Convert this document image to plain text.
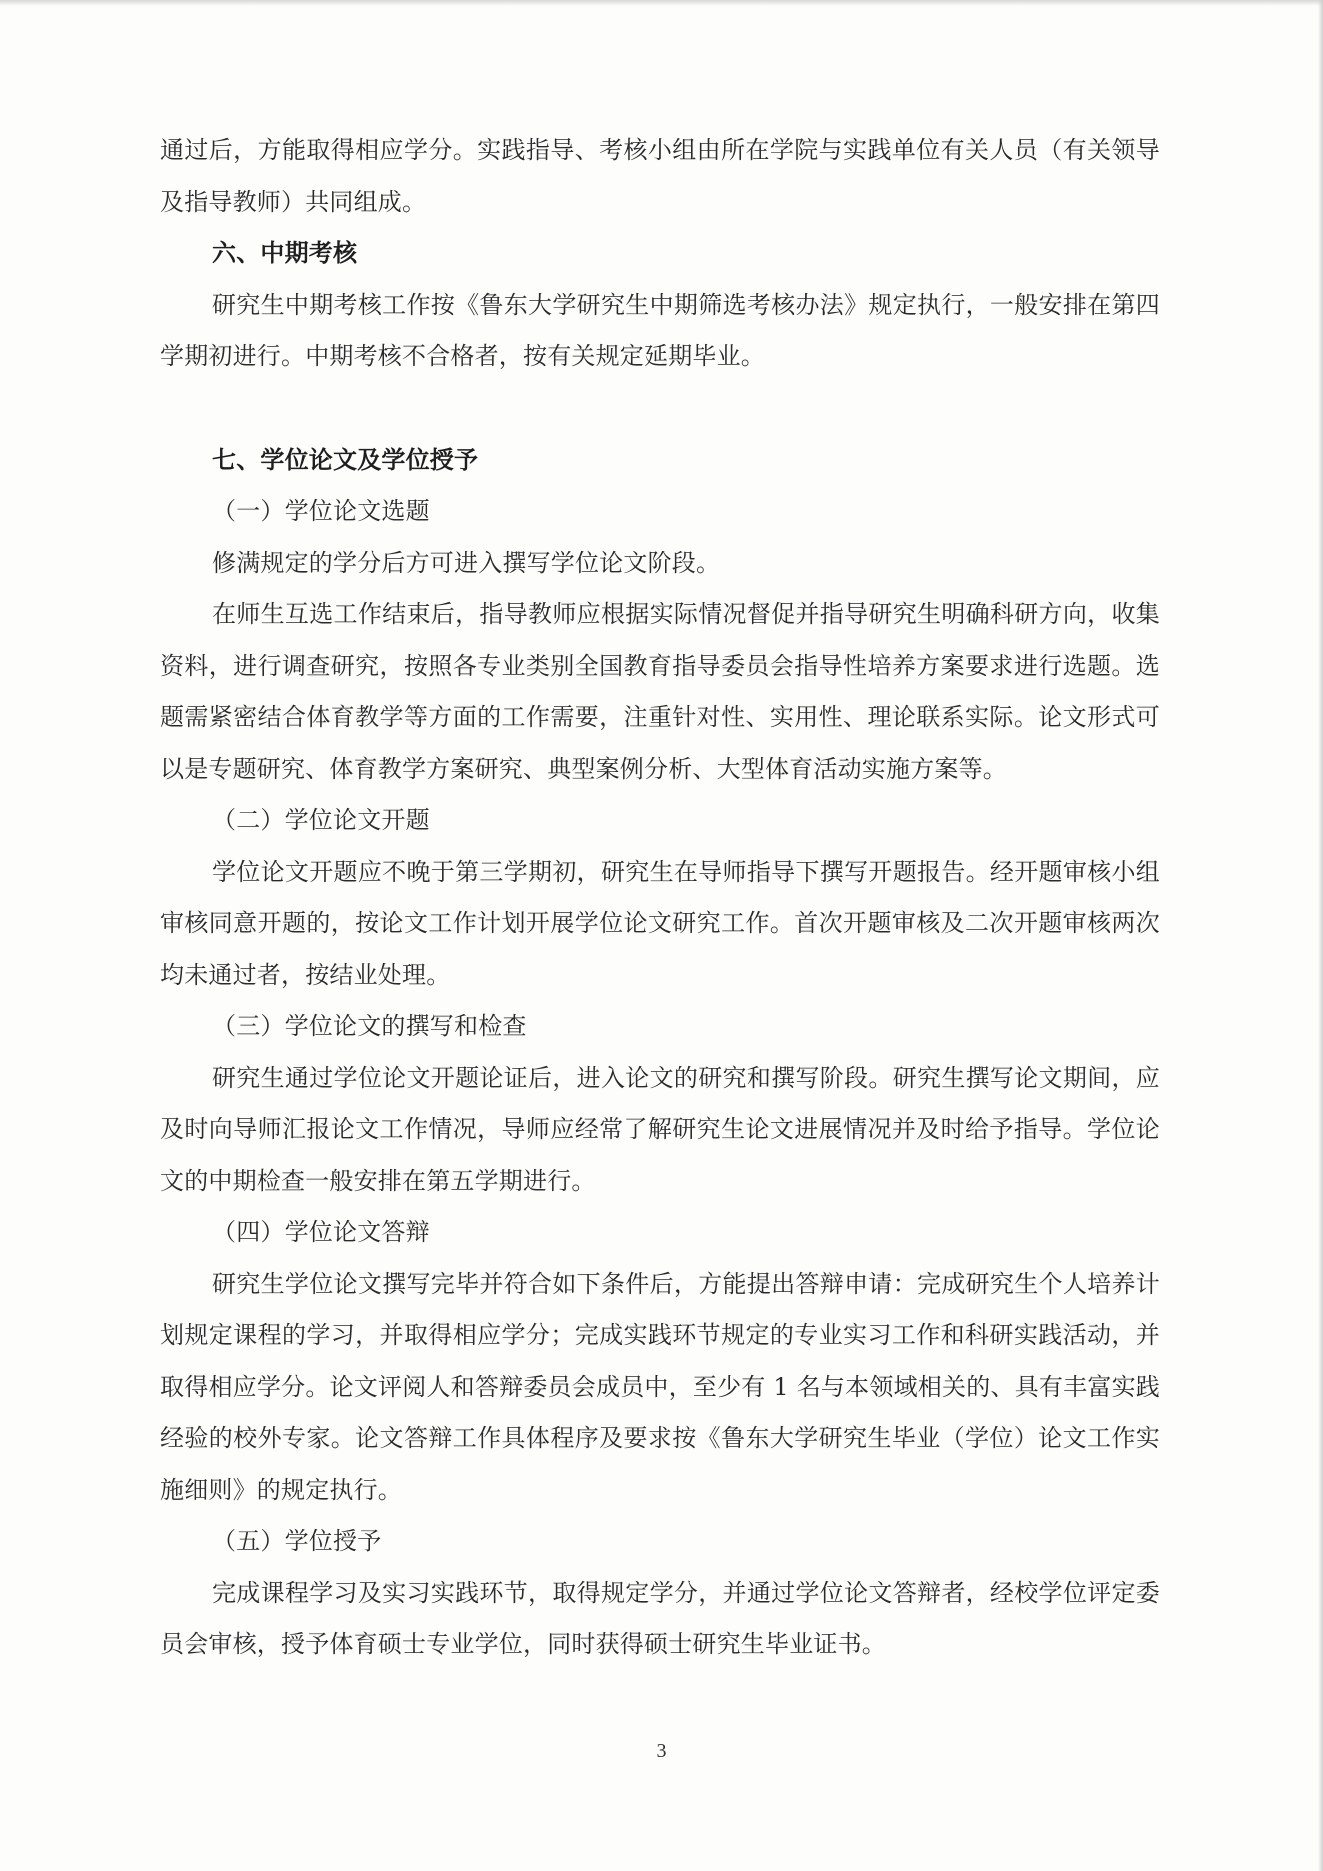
通过后，方能取得相应学分。实践指导、考核小组由所在学院与实践单位有关人员（有关领导及指导教师）共同组成。

六、中期考核

研究生中期考核工作按《鲁东大学研究生中期筛选考核办法》规定执行，一般安排在第四学期初进行。中期考核不合格者，按有关规定延期毕业。

七、学位论文及学位授予

（一）学位论文选题

修满规定的学分后方可进入撰写学位论文阶段。

在师生互选工作结束后，指导教师应根据实际情况督促并指导研究生明确科研方向，收集资料，进行调查研究，按照各专业类别全国教育指导委员会指导性培养方案要求进行选题。选题需紧密结合体育教学等方面的工作需要，注重针对性、实用性、理论联系实际。论文形式可以是专题研究、体育教学方案研究、典型案例分析、大型体育活动实施方案等。

（二）学位论文开题

学位论文开题应不晚于第三学期初，研究生在导师指导下撰写开题报告。经开题审核小组审核同意开题的，按论文工作计划开展学位论文研究工作。首次开题审核及二次开题审核两次均未通过者，按结业处理。

（三）学位论文的撰写和检查

研究生通过学位论文开题论证后，进入论文的研究和撰写阶段。研究生撰写论文期间，应及时向导师汇报论文工作情况，导师应经常了解研究生论文进展情况并及时给予指导。学位论文的中期检查一般安排在第五学期进行。

（四）学位论文答辩

研究生学位论文撰写完毕并符合如下条件后，方能提出答辩申请：完成研究生个人培养计划规定课程的学习，并取得相应学分；完成实践环节规定的专业实习工作和科研实践活动，并取得相应学分。论文评阅人和答辩委员会成员中，至少有 1 名与本领域相关的、具有丰富实践经验的校外专家。论文答辩工作具体程序及要求按《鲁东大学研究生毕业（学位）论文工作实施细则》的规定执行。

（五）学位授予

完成课程学习及实习实践环节，取得规定学分，并通过学位论文答辩者，经校学位评定委员会审核，授予体育硕士专业学位，同时获得硕士研究生毕业证书。

3
